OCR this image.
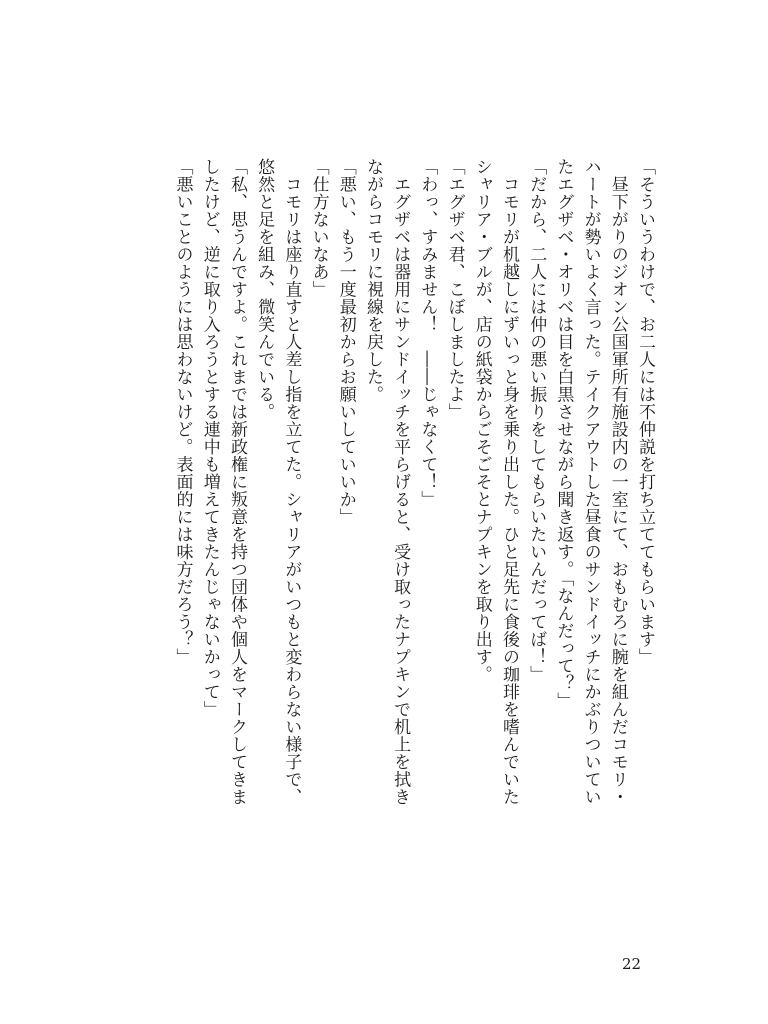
「そういうわけで、お二人には不仲説を打ち立ててもらいます」
　昼下がりのジオン公国軍所有施設内の一室にて、おもむろに腕を組んだコモリ・
ハートが勢いよく言った。テイクアウトした昼食のサンドイッチにかぶりついてい
たエグザベ・オリベは目を白黒させながら聞き返す。「なんだって？」
「だから、二人には仲の悪い振りをしてもらいたいんだってば！」
　コモリが机越しにずいっと身を乗り出した。ひと足先に食後の珈琲を嗜んでいた
シャリア・ブルが、店の紙袋からごそごそとナプキンを取り出す。
「エグザベ君、こぼしましたよ」
「わっ、すみません！　――じゃなくて！」
　エグザベは器用にサンドイッチを平らげると、受け取ったナプキンで机上を拭き
ながらコモリに視線を戻した。
「悪い、もう一度最初からお願いしていいか」
「仕方ないなあ」
　コモリは座り直すと人差し指を立てた。シャリアがいつもと変わらない様子で、
悠然と足を組み、微笑んでいる。
「私、思うんですよ。これまでは新政権に叛意を持つ団体や個人をマークしてきま
したけど、逆に取り入ろうとする連中も増えてきたんじゃないかって」
「悪いことのようには思わないけど。表面的には味方だろう？」
22
